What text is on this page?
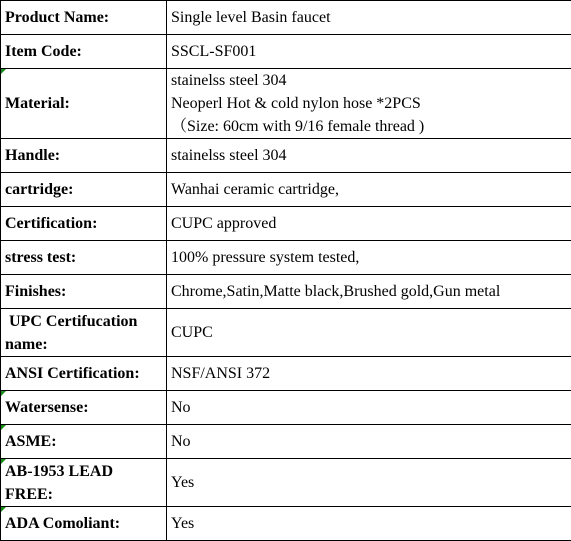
Product Name:	Single level Basin faucet

Item Code:	SSCL-SF001

Material:	stainelss steel 304
Neoperl Hot & cold nylon hose *2PCS
（Size: 60cm with 9/16 female thread )

Handle:	stainelss steel 304

cartridge:	Wanhai ceramic cartridge,

Certification:	CUPC approved

stress test:	100% pressure system tested,

Finishes:	Chrome,Satin,Matte black,Brushed gold,Gun metal

UPC Certifucation name:	CUPC

ANSI Certification:	NSF/ANSI 372

Watersense:	No

ASME:	No

AB-1953 LEAD FREE:	Yes

ADA Comoliant:	Yes
